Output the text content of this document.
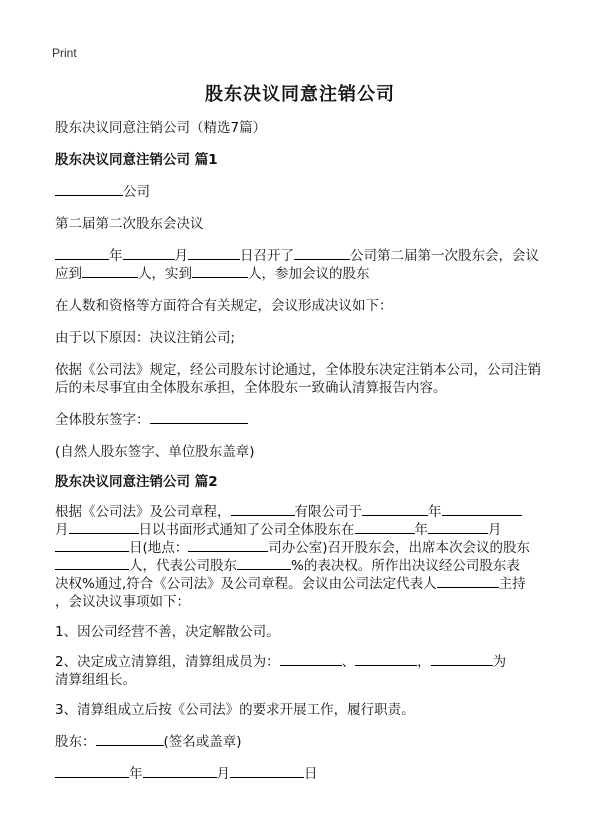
Print
股东决议同意注销公司
股东决议同意注销公司（精选7篇）
股东决议同意注销公司 篇1
公司
第二届第二次股东会决议
年	月	日召开了	公司第二届第一次股东会，会议
应到	人，实到	人，参加会议的股东
在人数和资格等方面符合有关规定，会议形成决议如下：
由于以下原因：决议注销公司;
依据《公司法》规定，经公司股东讨论通过，全体股东决定注销本公司，公司注销
后的未尽事宜由全体股东承担，全体股东一致确认清算报告内容。
全体股东签字：
(自然人股东签字、单位股东盖章)
股东决议同意注销公司 篇2
根据《公司法》及公司章程，	有限公司于	年
月	日以书面形式通知了公司全体股东在	年	月
日(地点：	司办公室)召开股东会，出席本次会议的股东
人，代表公司股东	%的表决权。所作出决议经公司股东表
决权%通过,符合《公司法》及公司章程。会议由公司法定代表人	主持
，会议决议事项如下：
1、因公司经营不善，决定解散公司。
2、决定成立清算组，清算组成员为：	、	，	为
清算组组长。
3、清算组成立后按《公司法》的要求开展工作，履行职责。
股东：	(签名或盖章)
年	月	日
